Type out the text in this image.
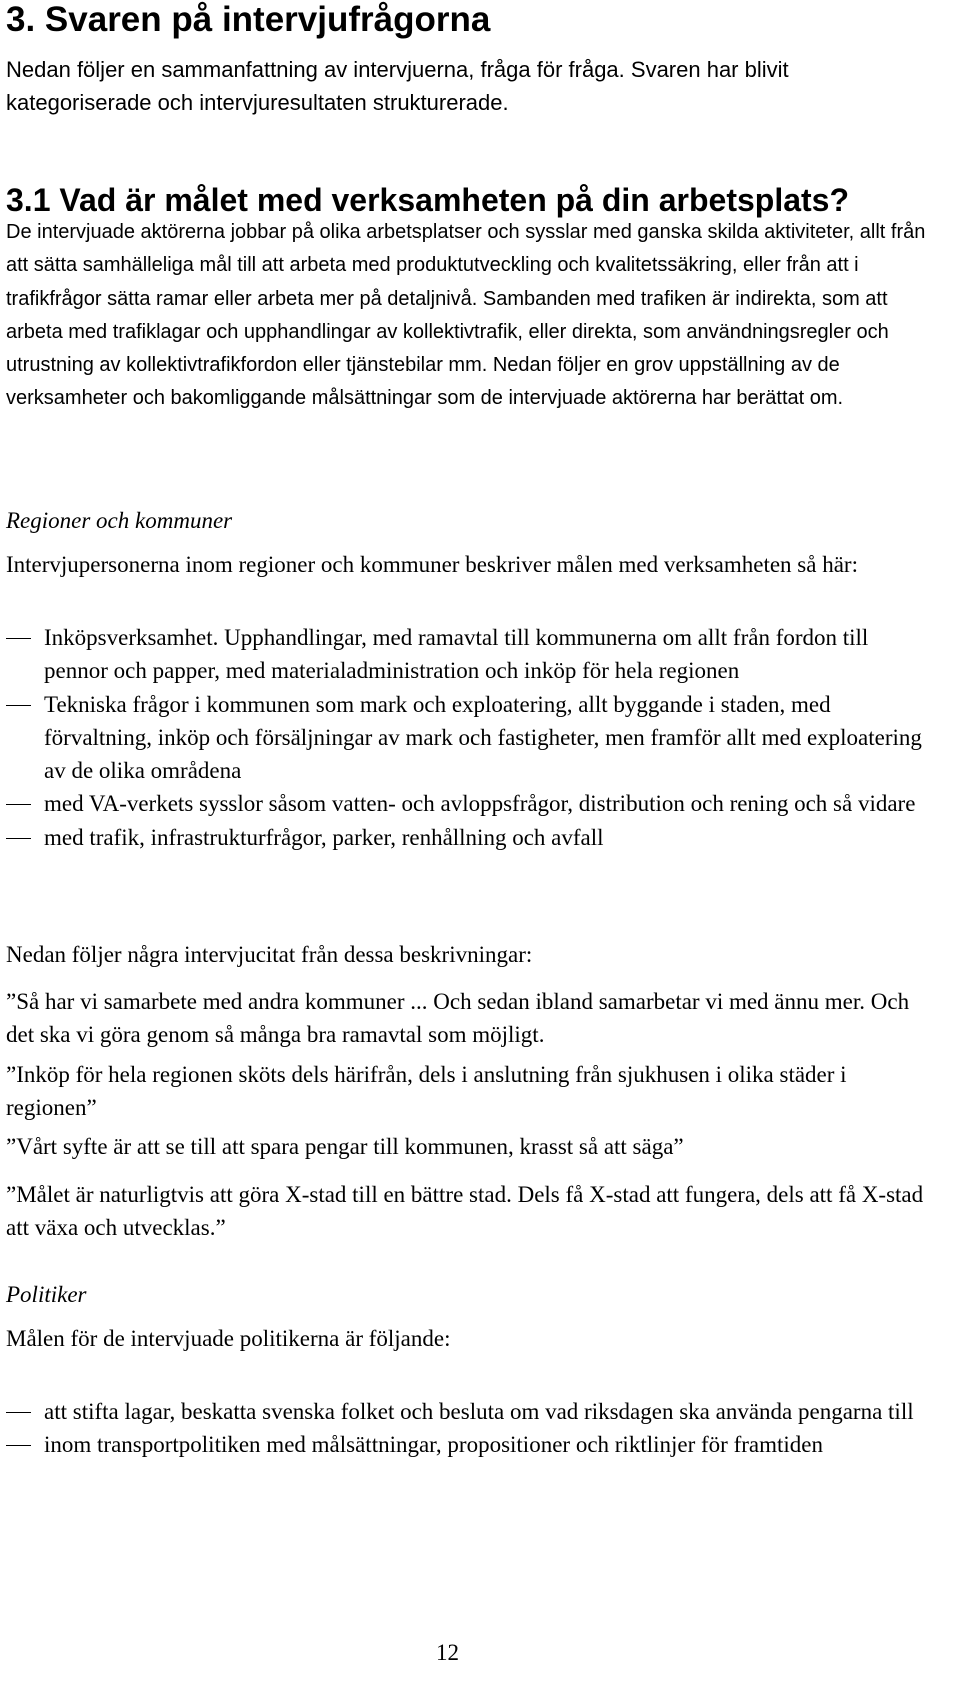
3. Svaren på intervjufrågorna

Nedan följer en sammanfattning av intervjuerna, fråga för fråga. Svaren har blivit kategoriserade och intervjuresultaten strukturerade.

3.1 Vad är målet med verksamheten på din arbetsplats?

De intervjuade aktörerna jobbar på olika arbetsplatser och sysslar med ganska skilda aktiviteter, allt från att sätta samhälleliga mål till att arbeta med produktutveckling och kvalitetssäkring, eller från att i trafikfrågor sätta ramar eller arbeta mer på detaljnivå. Sambanden med trafiken är indirekta, som att arbeta med trafiklagar och upphandlingar av kollektivtrafik, eller direkta, som användningsregler och utrustning av kollektivtrafikfordon eller tjänstebilar mm. Nedan följer en grov uppställning av de verksamheter och bakomliggande målsättningar som de intervjuade aktörerna har berättat om.

Regioner och kommuner

Intervjupersonerna inom regioner och kommuner beskriver målen med verksamheten så här:

Inköpsverksamhet. Upphandlingar, med ramavtal till kommunerna om allt från fordon till pennor och papper, med materialadministration och inköp för hela regionen
Tekniska frågor i kommunen som mark och exploatering, allt byggande i staden, med förvaltning, inköp och försäljningar av mark och fastigheter, men framför allt med exploatering av de olika områdena
med VA-verkets sysslor såsom vatten- och avloppsfrågor, distribution och rening och så vidare
med trafik, infrastrukturfrågor, parker, renhållning och avfall

Nedan följer några intervjucitat från dessa beskrivningar:

”Så har vi samarbete med andra kommuner ... Och sedan ibland samarbetar vi med ännu mer. Och det ska vi göra genom så många bra ramavtal som möjligt.

”Inköp för hela regionen sköts dels härifrån, dels i anslutning från sjukhusen i olika städer i regionen”

”Vårt syfte är att se till att spara pengar till kommunen, krasst så att säga”

”Målet är naturligtvis att göra X-stad till en bättre stad. Dels få X-stad att fungera, dels att få X-stad att växa och utvecklas.”

Politiker

Målen för de intervjuade politikerna är följande:

att stifta lagar, beskatta svenska folket och besluta om vad riksdagen ska använda pengarna till
inom transportpolitiken med målsättningar, propositioner och riktlinjer för framtiden

12
